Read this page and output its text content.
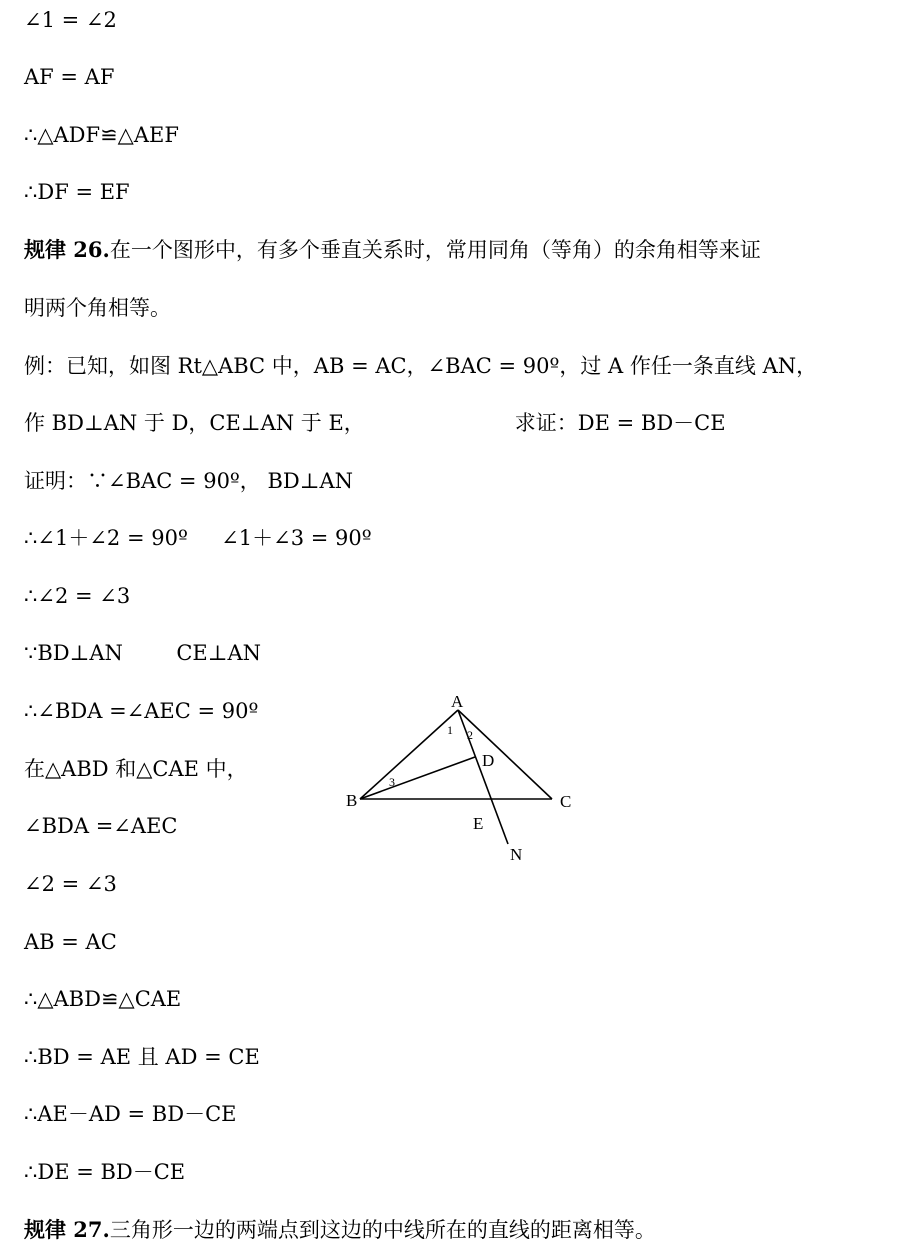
∠1 = ∠2
AF = AF
∴△ADF≌△AEF
∴DF = EF
规律 26.在一个图形中，有多个垂直关系时，常用同角（等角）的余角相等来证
明两个角相等。
例：已知，如图 Rt△ABC 中，AB = AC，∠BAC = 90º，过 A 作任一条直线 AN，
作 BD⊥AN 于 D，CE⊥AN 于 E，	求证：DE = BD－CE
证明：∵∠BAC = 90º， BD⊥AN
∴∠1＋∠2 = 90º     ∠1＋∠3 = 90º
∴∠2 = ∠3
∵BD⊥AN        CE⊥AN
∴∠BDA =∠AEC = 90º
在△ABD 和△CAE 中，
∠BDA =∠AEC
∠2 = ∠3
AB = AC
∴△ABD≌△CAE
∴BD = AE 且 AD = CE
∴AE－AD = BD－CE
∴DE = BD－CE
规律 27.三角形一边的两端点到这边的中线所在的直线的距离相等。
A
B	C
D
E
N
1 2
3
